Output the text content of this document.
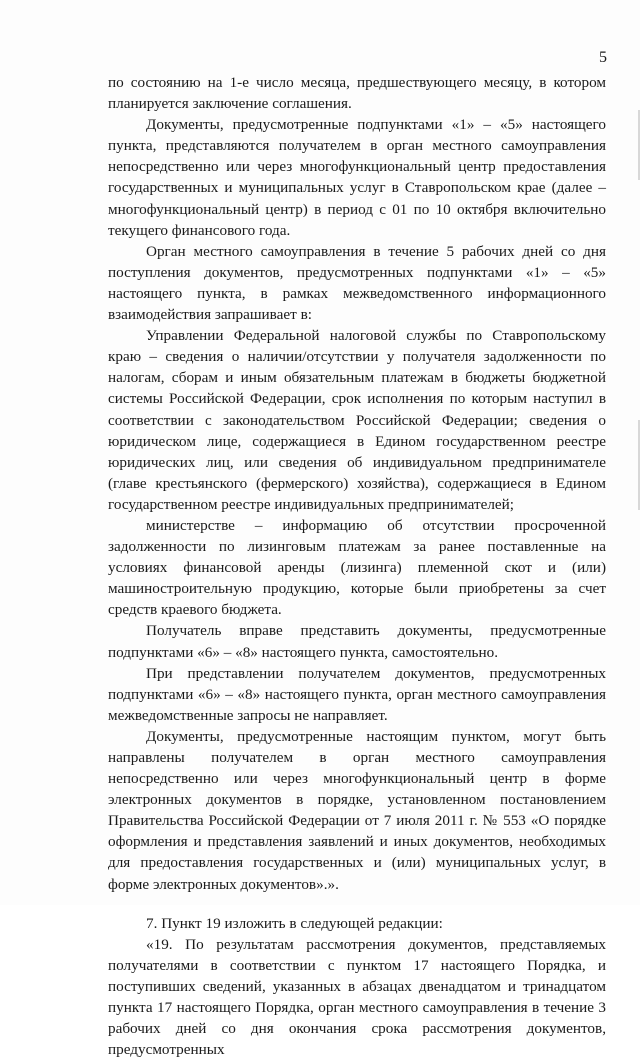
5

по состоянию на 1-е число месяца, предшествующего месяцу, в котором планируется заключение соглашения.

Документы, предусмотренные подпунктами «1» – «5» настоящего пункта, представляются получателем в орган местного самоуправления непосредственно или через многофункциональный центр предоставления государственных и муниципальных услуг в Ставропольском крае (далее – многофункциональный центр) в период с 01 по 10 октября включительно текущего финансового года.

Орган местного самоуправления в течение 5 рабочих дней со дня поступления документов, предусмотренных подпунктами «1» – «5» настоящего пункта, в рамках межведомственного информационного взаимодействия запрашивает в:

Управлении Федеральной налоговой службы по Ставропольскому краю – сведения о наличии/отсутствии у получателя задолженности по налогам, сборам и иным обязательным платежам в бюджеты бюджетной системы Российской Федерации, срок исполнения по которым наступил в соответствии с законодательством Российской Федерации; сведения о юридическом лице, содержащиеся в Едином государственном реестре юридических лиц, или сведения об индивидуальном предпринимателе (главе крестьянского (фермерского) хозяйства), содержащиеся в Едином государственном реестре индивидуальных предпринимателей;

министерстве – информацию об отсутствии просроченной задолженности по лизинговым платежам за ранее поставленные на условиях финансовой аренды (лизинга) племенной скот и (или) машиностроительную продукцию, которые были приобретены за счет средств краевого бюджета.

Получатель вправе представить документы, предусмотренные подпунктами «6» – «8» настоящего пункта, самостоятельно.

При представлении получателем документов, предусмотренных подпунктами «6» – «8» настоящего пункта, орган местного самоуправления межведомственные запросы не направляет.

Документы, предусмотренные настоящим пунктом, могут быть направлены получателем в орган местного самоуправления непосредственно или через многофункциональный центр в форме электронных документов в порядке, установленном постановлением Правительства Российской Федерации от 7 июля 2011 г. № 553 «О порядке оформления и представления заявлений и иных документов, необходимых для предоставления государственных и (или) муниципальных услуг, в форме электронных документов».».

7. Пункт 19 изложить в следующей редакции:

«19. По результатам рассмотрения документов, представляемых получателями в соответствии с пунктом 17 настоящего Порядка, и поступивших сведений, указанных в абзацах двенадцатом и тринадцатом пункта 17 настоящего Порядка, орган местного самоуправления в течение 3 рабочих дней со дня окончания срока рассмотрения документов, предусмотренных
